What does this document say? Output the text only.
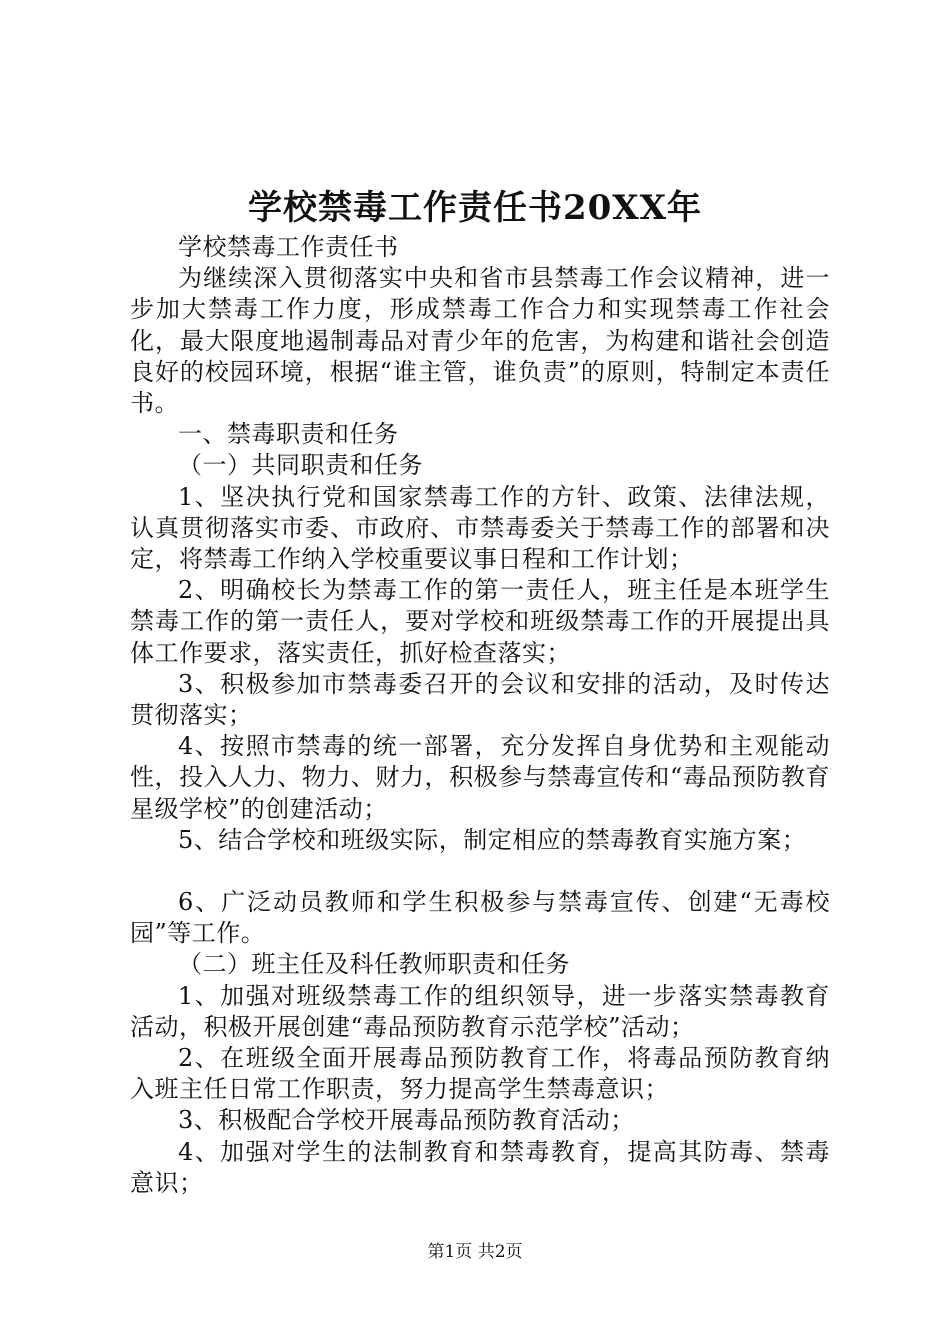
学校禁毒工作责任书20XX年

学校禁毒工作责任书

为继续深入贯彻落实中央和省市县禁毒工作会议精神，进一步加大禁毒工作力度，形成禁毒工作合力和实现禁毒工作社会化，最大限度地遏制毒品对青少年的危害，为构建和谐社会创造良好的校园环境，根据“谁主管，谁负责”的原则，特制定本责任书。

一、禁毒职责和任务

（一）共同职责和任务

1、坚决执行党和国家禁毒工作的方针、政策、法律法规，认真贯彻落实市委、市政府、市禁毒委关于禁毒工作的部署和决定，将禁毒工作纳入学校重要议事日程和工作计划；

2、明确校长为禁毒工作的第一责任人，班主任是本班学生禁毒工作的第一责任人，要对学校和班级禁毒工作的开展提出具体工作要求，落实责任，抓好检查落实；

3、积极参加市禁毒委召开的会议和安排的活动，及时传达贯彻落实；

4、按照市禁毒的统一部署，充分发挥自身优势和主观能动性，投入人力、物力、财力，积极参与禁毒宣传和“毒品预防教育星级学校”的创建活动；

5、结合学校和班级实际，制定相应的禁毒教育实施方案；

6、广泛动员教师和学生积极参与禁毒宣传、创建“无毒校园”等工作。

（二）班主任及科任教师职责和任务

1、加强对班级禁毒工作的组织领导，进一步落实禁毒教育活动，积极开展创建“毒品预防教育示范学校”活动；

2、在班级全面开展毒品预防教育工作，将毒品预防教育纳入班主任日常工作职责，努力提高学生禁毒意识；

3、积极配合学校开展毒品预防教育活动；

4、加强对学生的法制教育和禁毒教育，提高其防毒、禁毒意识；

第1页 共2页
